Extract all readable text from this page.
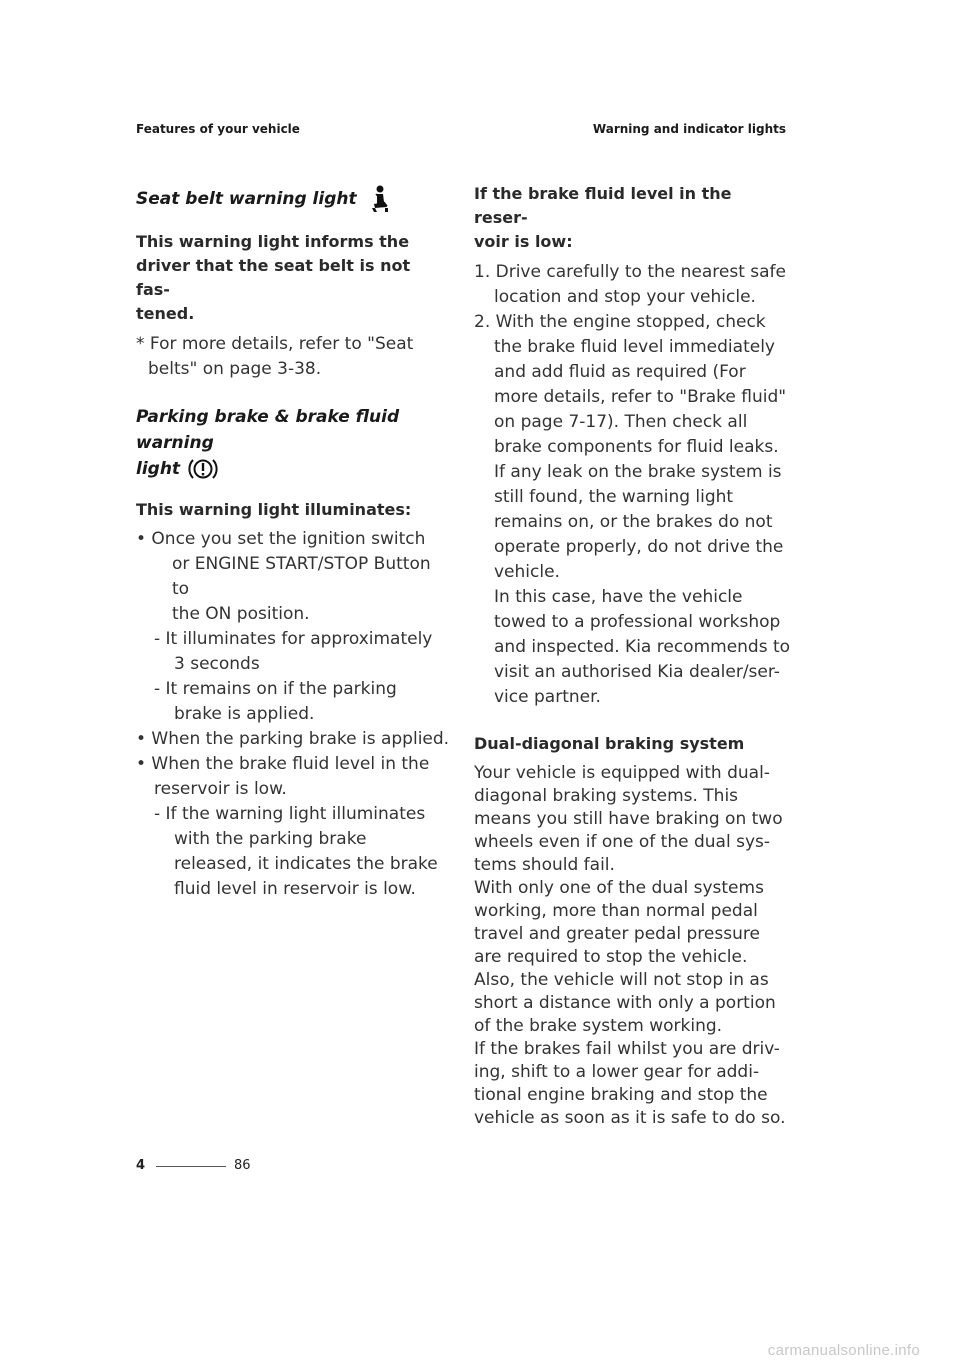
Features of your vehicle	Warning and indicator lights
Seat belt warning light
This warning light informs the
driver that the seat belt is not fas-
tened.
* For more details, refer to "Seat
belts" on page 3-38.
Parking brake & brake fluid warning
light
This warning light illuminates:
• Once you set the ignition switch
or ENGINE START/STOP Button to
the ON position.
- It illuminates for approximately
3 seconds
- It remains on if the parking
brake is applied.
• When the parking brake is applied.
• When the brake fluid level in the
reservoir is low.
- If the warning light illuminates
with the parking brake
released, it indicates the brake
fluid level in reservoir is low.
If the brake fluid level in the reser-
voir is low:
1. Drive carefully to the nearest safe
location and stop your vehicle.
2. With the engine stopped, check
the brake fluid level immediately
and add fluid as required (For
more details, refer to "Brake fluid"
on page 7-17). Then check all
brake components for fluid leaks.
If any leak on the brake system is
still found, the warning light
remains on, or the brakes do not
operate properly, do not drive the
vehicle.
In this case, have the vehicle
towed to a professional workshop
and inspected. Kia recommends to
visit an authorised Kia dealer/ser-
vice partner.
Dual-diagonal braking system
Your vehicle is equipped with dual-
diagonal braking systems. This
means you still have braking on two
wheels even if one of the dual sys-
tems should fail.
With only one of the dual systems
working, more than normal pedal
travel and greater pedal pressure
are required to stop the vehicle.
Also, the vehicle will not stop in as
short a distance with only a portion
of the brake system working.
If the brakes fail whilst you are driv-
ing, shift to a lower gear for addi-
tional engine braking and stop the
vehicle as soon as it is safe to do so.
4	86
carmanualsonline.info
